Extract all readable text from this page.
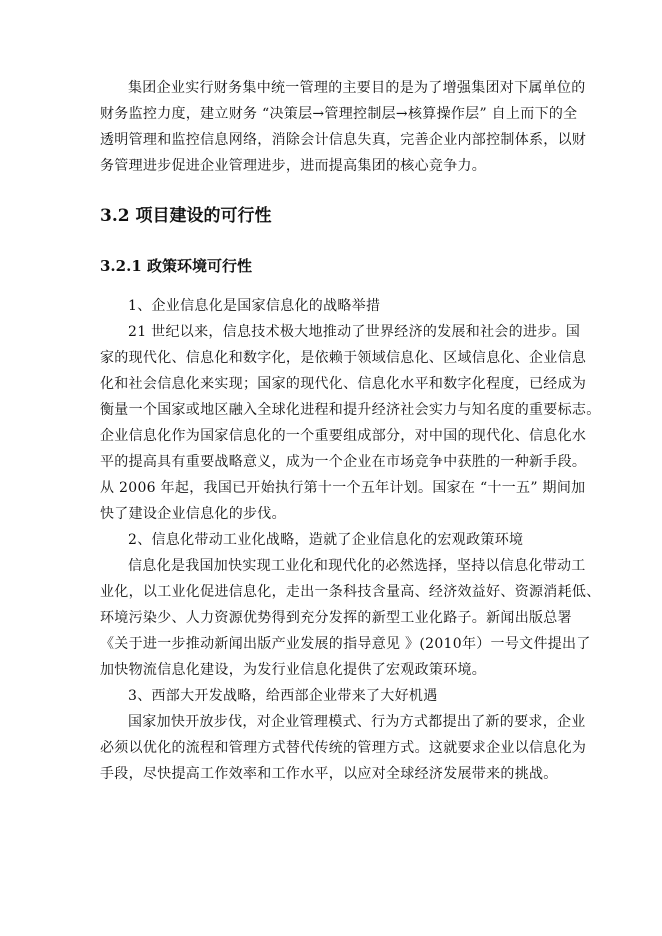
集团企业实行财务集中统一管理的主要目的是为了增强集团对下属单位的
财务监控力度，建立财务 “决策层→管理控制层→核算操作层” 自上而下的全
透明管理和监控信息网络，消除会计信息失真，完善企业内部控制体系，以财
务管理进步促进企业管理进步，进而提高集团的核心竞争力。
3.2 项目建设的可行性
3.2.1 政策环境可行性
1、企业信息化是国家信息化的战略举措
21 世纪以来，信息技术极大地推动了世界经济的发展和社会的进步。国
家的现代化、信息化和数字化，是依赖于领域信息化、区域信息化、企业信息
化和社会信息化来实现；国家的现代化、信息化水平和数字化程度，已经成为
衡量一个国家或地区融入全球化进程和提升经济社会实力与知名度的重要标志。
企业信息化作为国家信息化的一个重要组成部分，对中国的现代化、信息化水
平的提高具有重要战略意义，成为一个企业在市场竞争中获胜的一种新手段。
从 2006 年起，我国已开始执行第十一个五年计划。国家在 “十一五” 期间加
快了建设企业信息化的步伐。
2、信息化带动工业化战略，造就了企业信息化的宏观政策环境
信息化是我国加快实现工业化和现代化的必然选择，坚持以信息化带动工
业化，以工业化促进信息化，走出一条科技含量高、经济效益好、资源消耗低、
环境污染少、人力资源优势得到充分发挥的新型工业化路子。新闻出版总署
《关于进一步推动新闻出版产业发展的指导意见 》(2010年）一号文件提出了
加快物流信息化建设，为发行业信息化提供了宏观政策环境。
3、西部大开发战略，给西部企业带来了大好机遇
国家加快开放步伐，对企业管理模式、行为方式都提出了新的要求，企业
必须以优化的流程和管理方式替代传统的管理方式。这就要求企业以信息化为
手段，尽快提高工作效率和工作水平，以应对全球经济发展带来的挑战。
